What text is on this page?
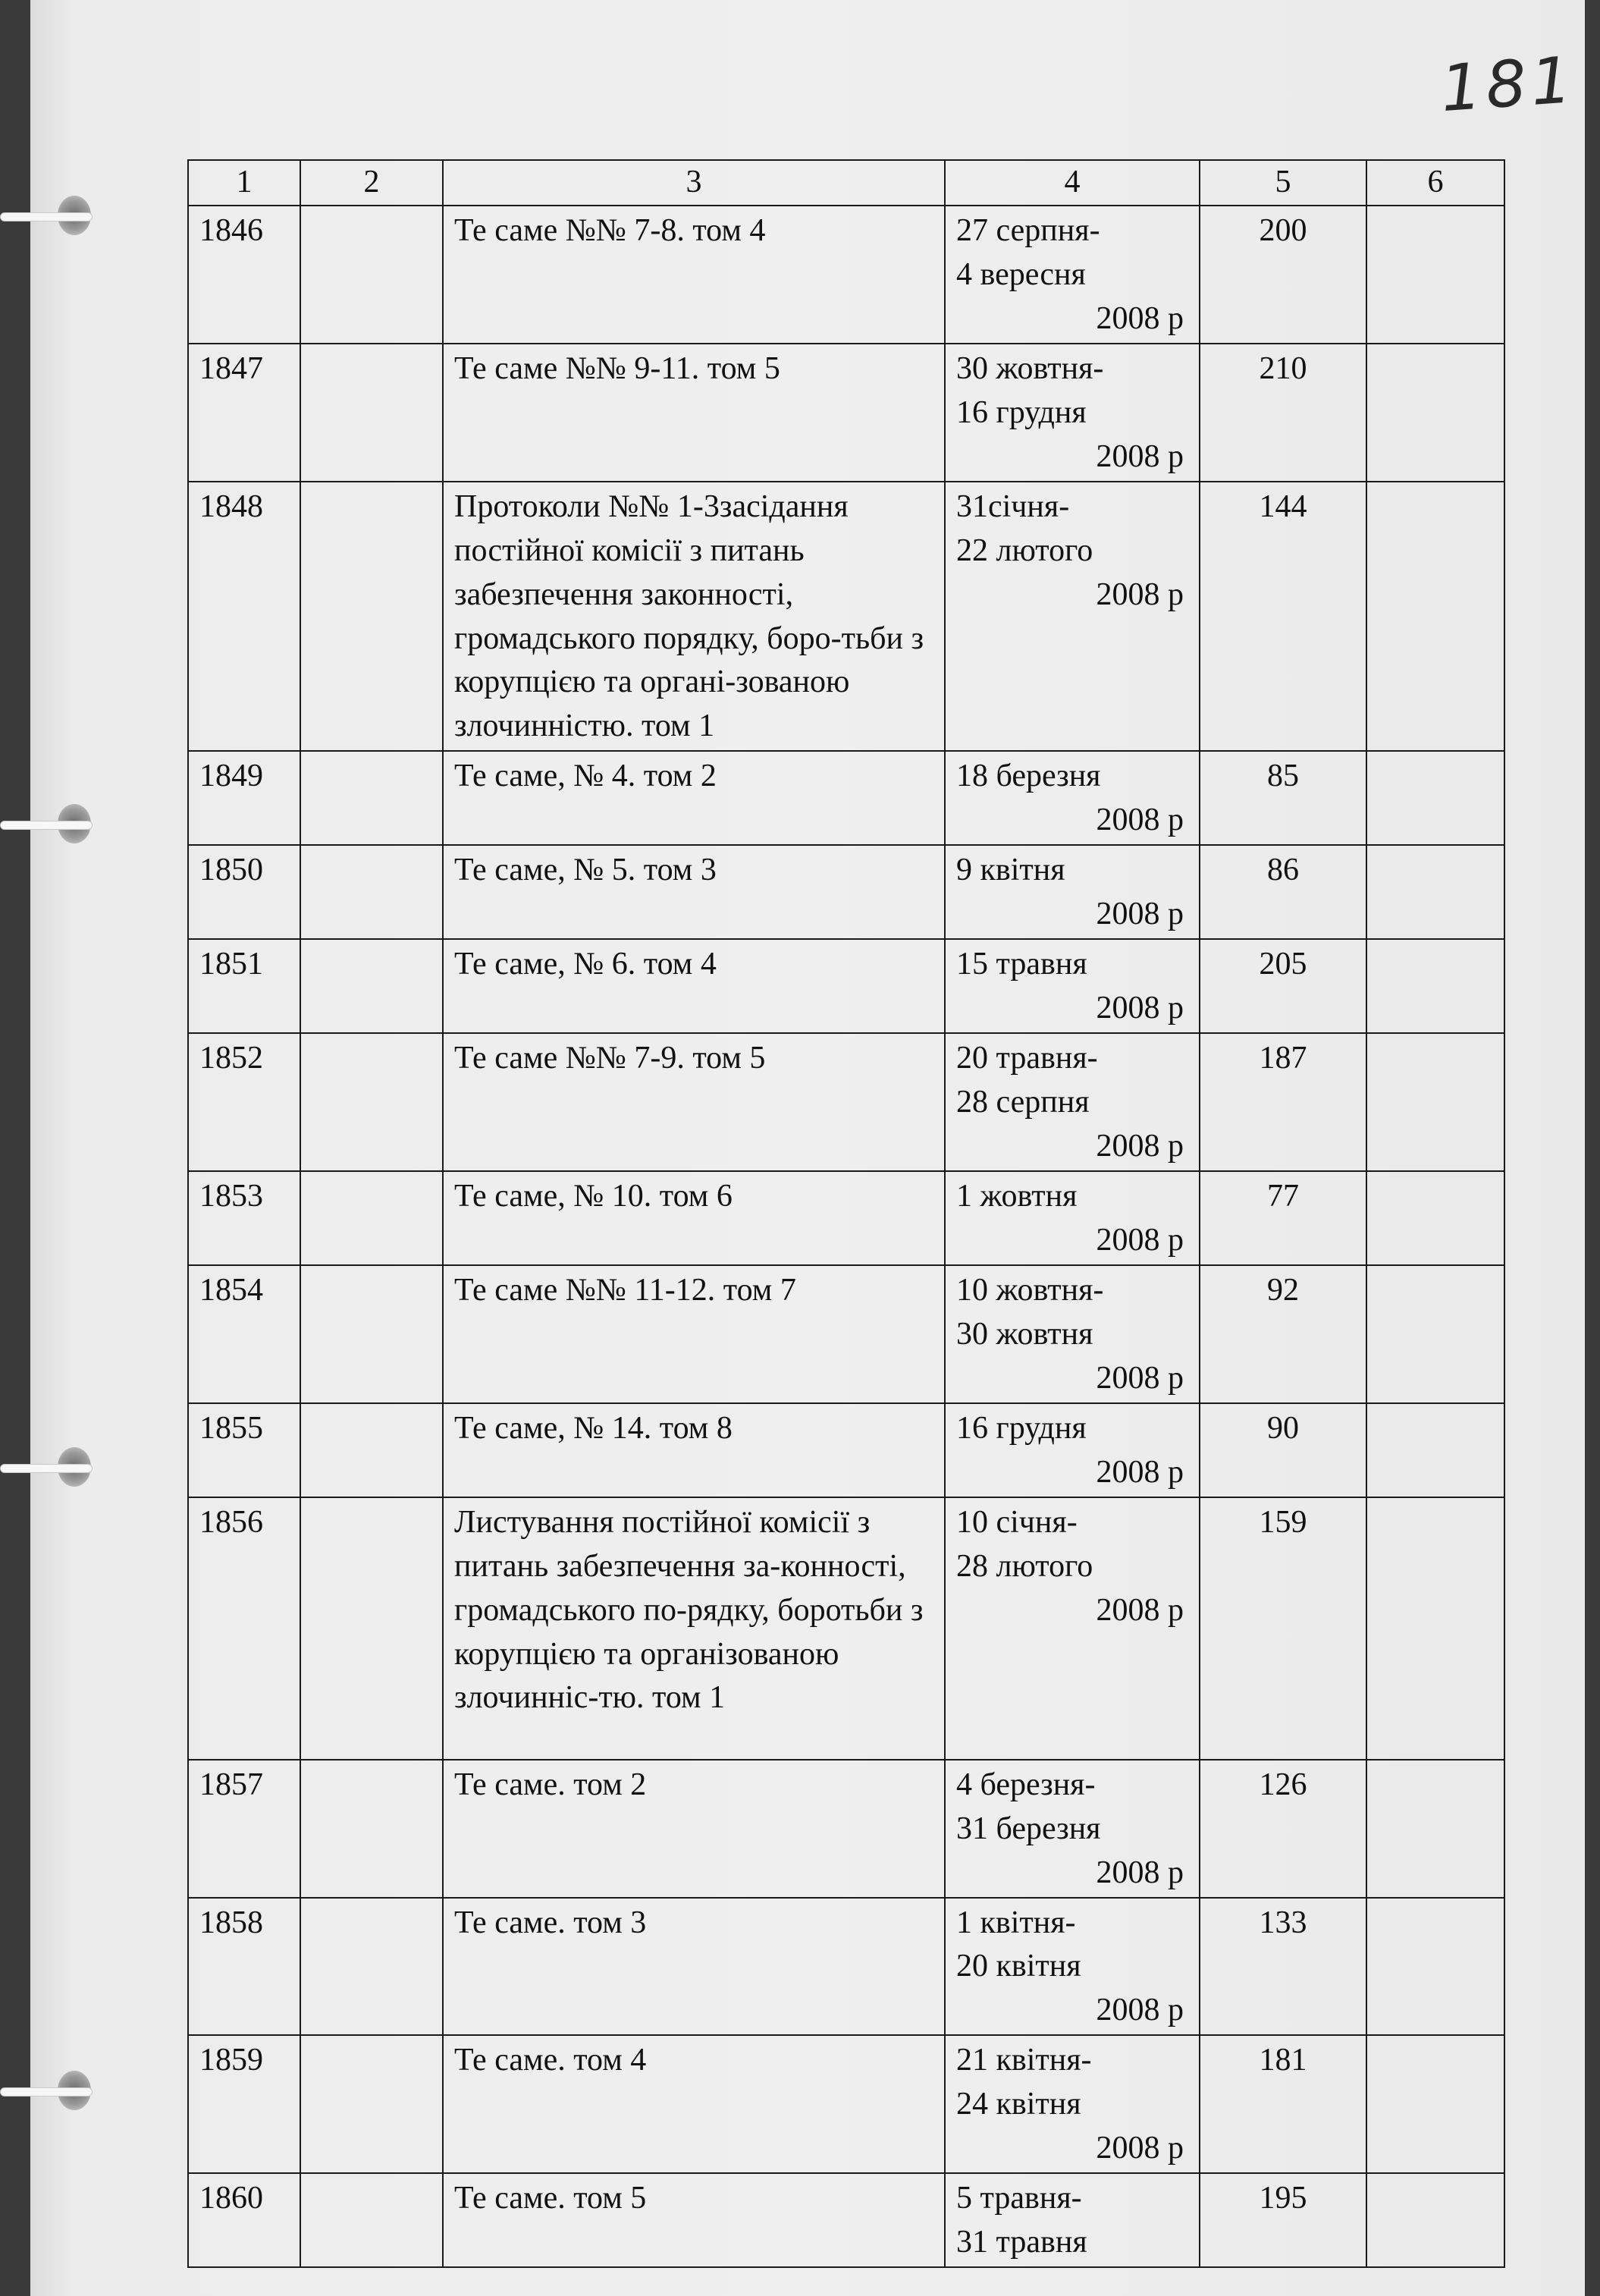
181
1	2	3	4	5	6
1846		Те саме №№ 7-8. том 4	27 серпня-
4 вересня
2008 р	200	
1847		Те саме №№ 9-11. том 5	30 жовтня-
16 грудня
2008 р	210	
1848		Протоколи №№ 1-3засідання постійної комісії з питань забезпечення законності, громадського порядку, боро-тьби з корупцією та органі-зованою злочинністю. том 1	31січня-
22 лютого
2008 р	144	
1849		Те саме, № 4. том 2	18 березня
2008 р	85	
1850		Те саме, № 5. том 3	9 квітня
2008 р	86	
1851		Те саме, № 6. том 4	15 травня
2008 р	205	
1852		Те саме №№ 7-9. том 5	20 травня-
28 серпня
2008 р	187	
1853		Те саме, № 10. том 6	1 жовтня
2008 р	77	
1854		Те саме №№ 11-12. том 7	10 жовтня-
30 жовтня
2008 р	92	
1855		Те саме, № 14. том 8	16 грудня
2008 р	90	
1856		Листування постійної комісії з питань забезпечення за-конності, громадського по-рядку, боротьби з корупцією та організованою злочинніс-тю. том 1	10 січня-
28 лютого
2008 р	159	
1857		Те саме. том 2	4 березня-
31 березня
2008 р	126	
1858		Те саме. том 3	1 квітня-
20 квітня
2008 р	133	
1859		Те саме. том 4	21 квітня-
24 квітня
2008 р	181	
1860		Те саме. том 5	5 травня-
31 травня	195	
